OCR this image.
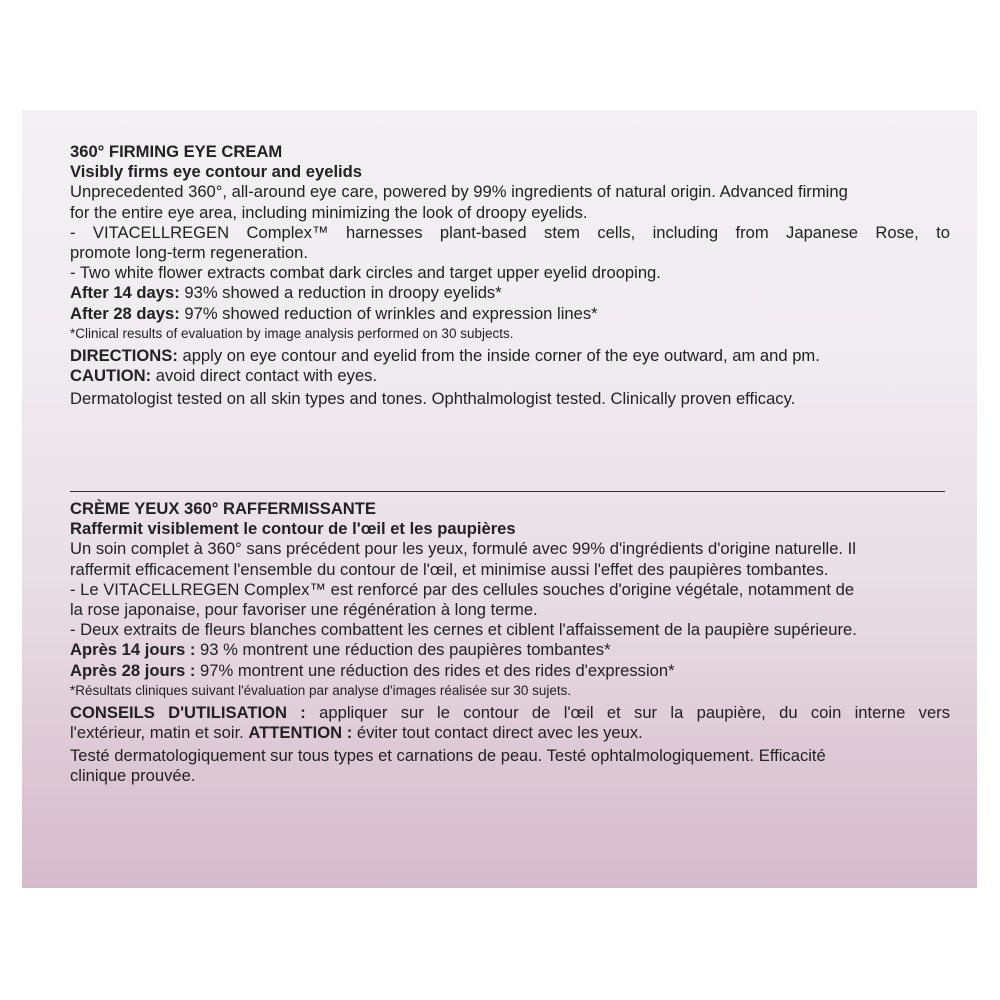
360° FIRMING EYE CREAM
Visibly firms eye contour and eyelids
Unprecedented 360°, all-around eye care, powered by 99% ingredients of natural origin. Advanced firming
for the entire eye area, including minimizing the look of droopy eyelids.
- VITACELLREGEN Complex™ harnesses plant-based stem cells, including from Japanese Rose, to
promote long-term regeneration.
- Two white flower extracts combat dark circles and target upper eyelid drooping.
After 14 days: 93% showed a reduction in droopy eyelids*
After 28 days: 97% showed reduction of wrinkles and expression lines*
*Clinical results of evaluation by image analysis performed on 30 subjects.
DIRECTIONS: apply on eye contour and eyelid from the inside corner of the eye outward, am and pm.
CAUTION: avoid direct contact with eyes.
Dermatologist tested on all skin types and tones. Ophthalmologist tested. Clinically proven efficacy.
CRÈME YEUX 360° RAFFERMISSANTE
Raffermit visiblement le contour de l'œil et les paupières
Un soin complet à 360° sans précédent pour les yeux, formulé avec 99% d'ingrédients d'origine naturelle. Il
raffermit efficacement l'ensemble du contour de l'œil, et minimise aussi l'effet des paupières tombantes.
- Le VITACELLREGEN Complex™ est renforcé par des cellules souches d'origine végétale, notamment de
la rose japonaise, pour favoriser une régénération à long terme.
- Deux extraits de fleurs blanches combattent les cernes et ciblent l'affaissement de la paupière supérieure.
Après 14 jours : 93 % montrent une réduction des paupières tombantes*
Après 28 jours : 97% montrent une réduction des rides et des rides d'expression*
*Résultats cliniques suivant l'évaluation par analyse d'images réalisée sur 30 sujets.
CONSEILS D'UTILISATION : appliquer sur le contour de l'œil et sur la paupière, du coin interne vers
l'extérieur, matin et soir. ATTENTION : éviter tout contact direct avec les yeux.
Testé dermatologiquement sur tous types et carnations de peau. Testé ophtalmologiquement. Efficacité
clinique prouvée.
